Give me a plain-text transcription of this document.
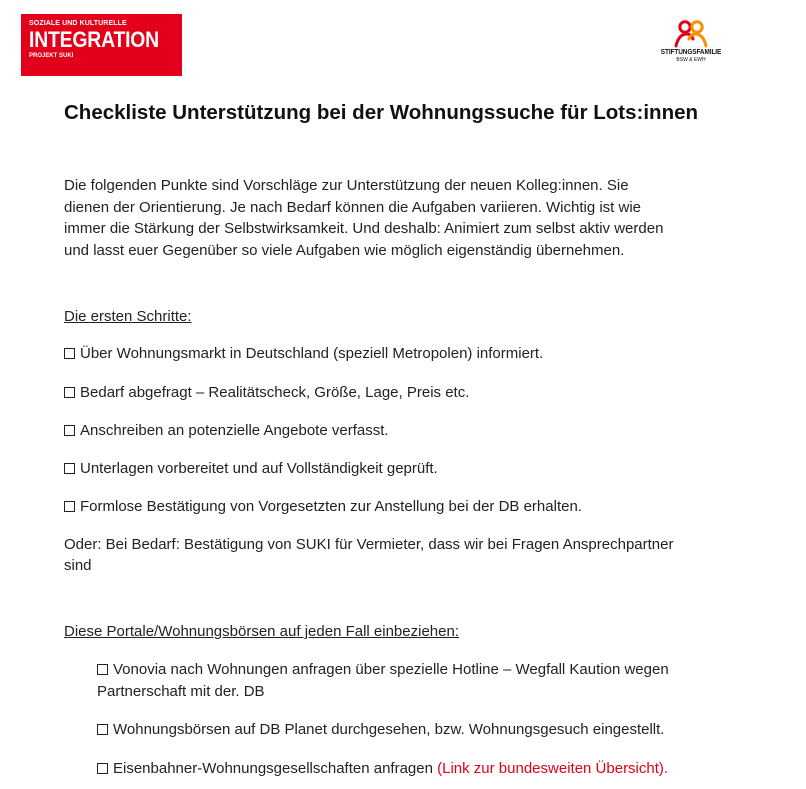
SOZIALE UND KULTURELLE
INTEGRATION
PROJEKT SUKI	STIFTUNGSFAMILIE
BSW & EWH
Checkliste Unterstützung bei der Wohnungssuche für Lots:innen
Die folgenden Punkte sind Vorschläge zur Unterstützung der neuen Kolleg:innen. Sie
dienen der Orientierung. Je nach Bedarf können die Aufgaben variieren. Wichtig ist wie
immer die Stärkung der Selbstwirksamkeit. Und deshalb: Animiert zum selbst aktiv werden
und lasst euer Gegenüber so viele Aufgaben wie möglich eigenständig übernehmen.
Die ersten Schritte:
Über Wohnungsmarkt in Deutschland (speziell Metropolen) informiert.
Bedarf abgefragt – Realitätscheck, Größe, Lage, Preis etc.
Anschreiben an potenzielle Angebote verfasst.
Unterlagen vorbereitet und auf Vollständigkeit geprüft.
Formlose Bestätigung von Vorgesetzten zur Anstellung bei der DB erhalten.
Oder: Bei Bedarf: Bestätigung von SUKI für Vermieter, dass wir bei Fragen Ansprechpartner
sind
Diese Portale/Wohnungsbörsen auf jeden Fall einbeziehen:
Vonovia nach Wohnungen anfragen über spezielle Hotline – Wegfall Kaution wegen
Partnerschaft mit der. DB
Wohnungsbörsen auf DB Planet durchgesehen, bzw. Wohnungsgesuch eingestellt.
Eisenbahner-Wohnungsgesellschaften anfragen (Link zur bundesweiten Übersicht).
